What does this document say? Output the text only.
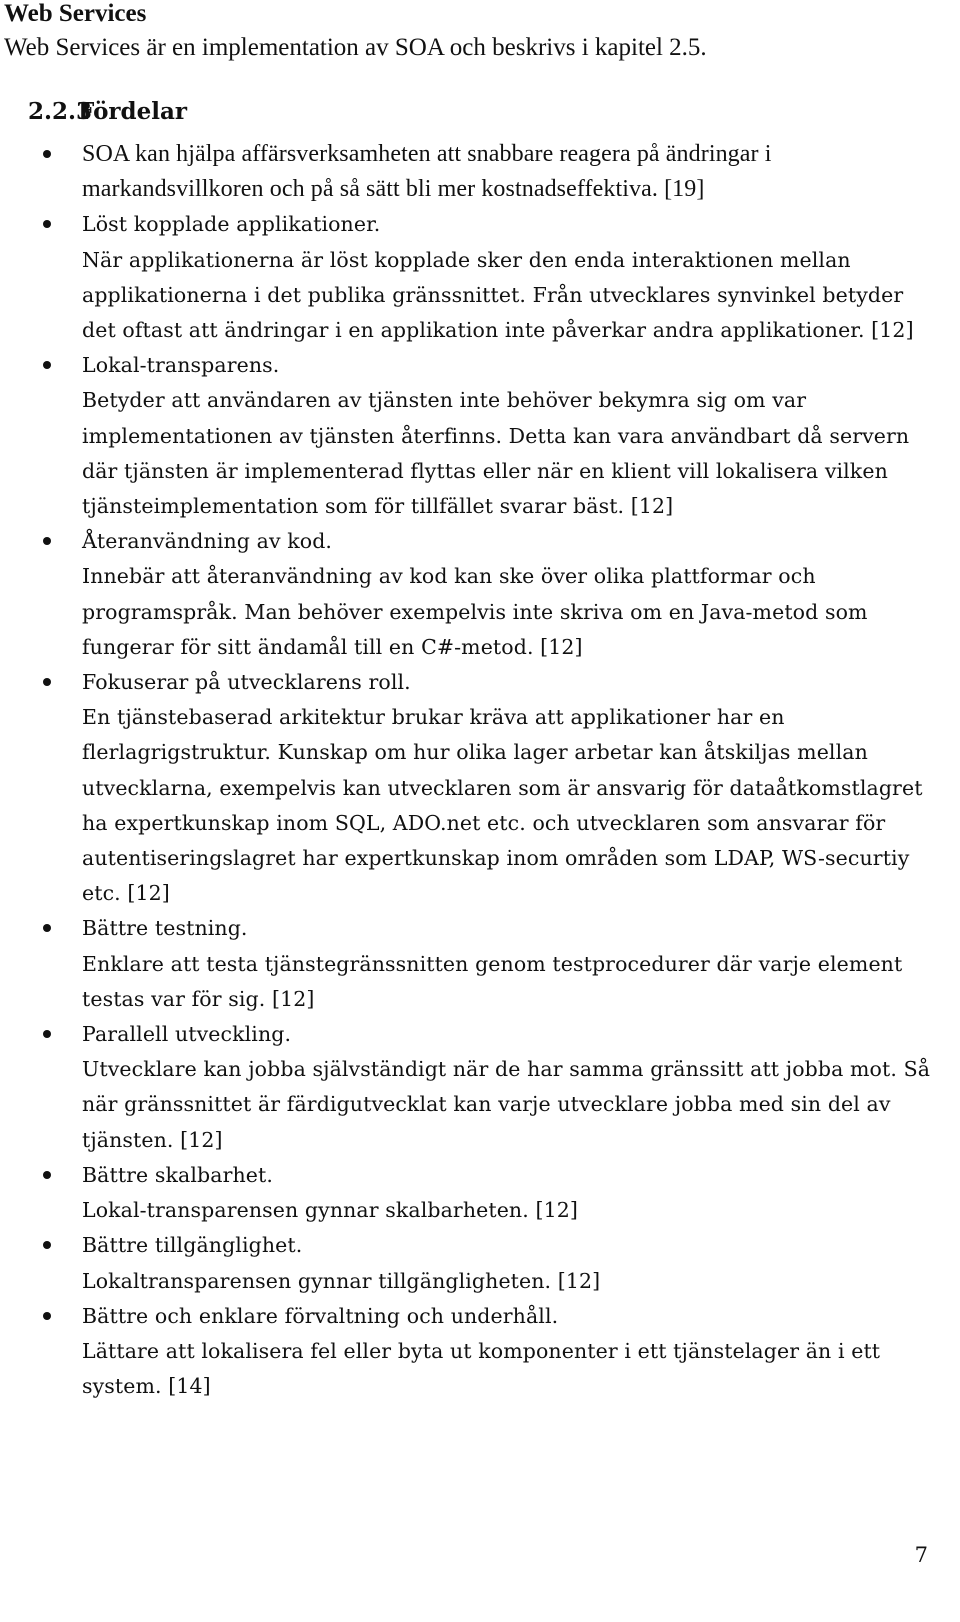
Web Services
Web Services är en implementation av SOA och beskrivs i kapitel 2.5.
2.2.3Fördelar
SOA kan hjälpa affärsverksamheten att snabbare reagera på ändringar i markandsvillkoren och på så sätt bli mer kostnadseffektiva. [19]
Löst kopplade applikationer.
När applikationerna är löst kopplade sker den enda interaktionen mellan applikationerna i det publika gränssnittet. Från utvecklares synvinkel betyder det oftast att ändringar i en applikation inte påverkar andra applikationer. [12]
Lokal-transparens.
Betyder att användaren av tjänsten inte behöver bekymra sig om var implementationen av tjänsten återfinns. Detta kan vara användbart då servern där tjänsten är implementerad flyttas eller när en klient vill lokalisera vilken tjänsteimplementation som för tillfället svarar bäst. [12]
Återanvändning av kod.
Innebär att återanvändning av kod kan ske över olika plattformar och programspråk. Man behöver exempelvis inte skriva om en Java-metod som fungerar för sitt ändamål till en C#-metod. [12]
Fokuserar på utvecklarens roll.
En tjänstebaserad arkitektur brukar kräva att applikationer har en flerlagrigstruktur. Kunskap om hur olika lager arbetar kan åtskiljas mellan utvecklarna, exempelvis kan utvecklaren som är ansvarig för dataåtkomstlagret ha expertkunskap inom SQL, ADO.net etc. och utvecklaren som ansvarar för autentiseringslagret har expertkunskap inom områden som LDAP, WS-securtiy etc. [12]
Bättre testning.
Enklare att testa tjänstegränssnitten genom testprocedurer där varje element testas var för sig. [12]
Parallell utveckling.
Utvecklare kan jobba självständigt när de har samma gränssitt att jobba mot. Så när gränssnittet är färdigutvecklat kan varje utvecklare jobba med sin del av tjänsten. [12]
Bättre skalbarhet.
Lokal-transparensen gynnar skalbarheten. [12]
Bättre tillgänglighet.
Lokaltransparensen gynnar tillgängligheten. [12]
Bättre och enklare förvaltning och underhåll.
Lättare att lokalisera fel eller byta ut komponenter i ett tjänstelager än i ett system. [14]
7
